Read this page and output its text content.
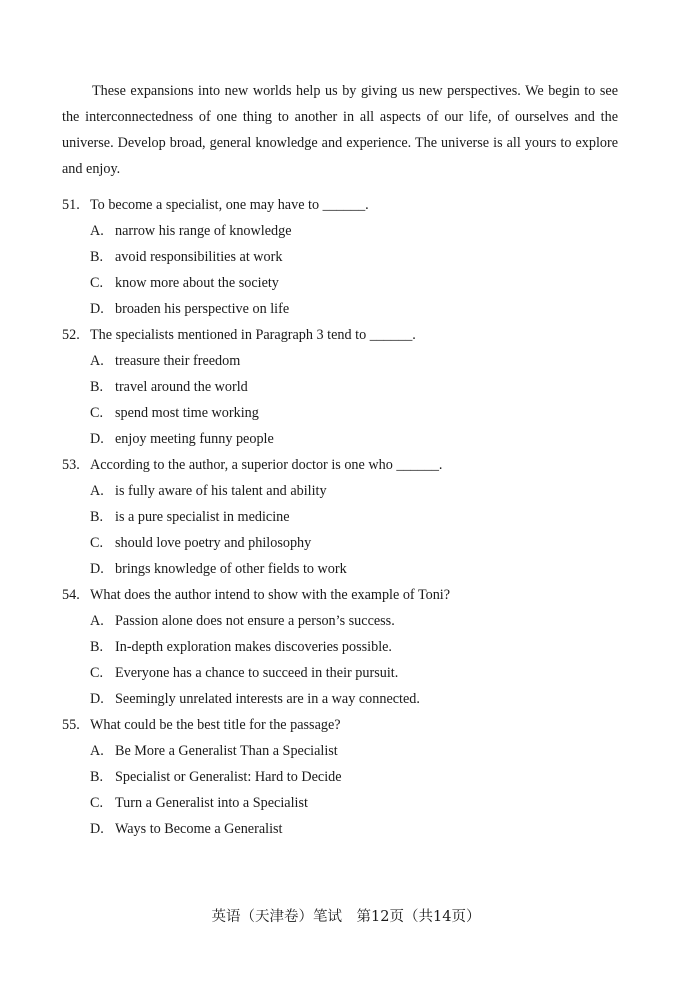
These expansions into new worlds help us by giving us new perspectives. We begin to see the interconnectedness of one thing to another in all aspects of our life, of ourselves and the universe. Develop broad, general knowledge and experience. The universe is all yours to explore and enjoy.

51. To become a specialist, one may have to ______.
A. narrow his range of knowledge
B. avoid responsibilities at work
C. know more about the society
D. broaden his perspective on life
52. The specialists mentioned in Paragraph 3 tend to ______.
A. treasure their freedom
B. travel around the world
C. spend most time working
D. enjoy meeting funny people
53. According to the author, a superior doctor is one who ______.
A. is fully aware of his talent and ability
B. is a pure specialist in medicine
C. should love poetry and philosophy
D. brings knowledge of other fields to work
54. What does the author intend to show with the example of Toni?
A. Passion alone does not ensure a person’s success.
B. In-depth exploration makes discoveries possible.
C. Everyone has a chance to succeed in their pursuit.
D. Seemingly unrelated interests are in a way connected.
55. What could be the best title for the passage?
A. Be More a Generalist Than a Specialist
B. Specialist or Generalist: Hard to Decide
C. Turn a Generalist into a Specialist
D. Ways to Become a Generalist
英语（天津卷）笔试　第12页（共14页）
